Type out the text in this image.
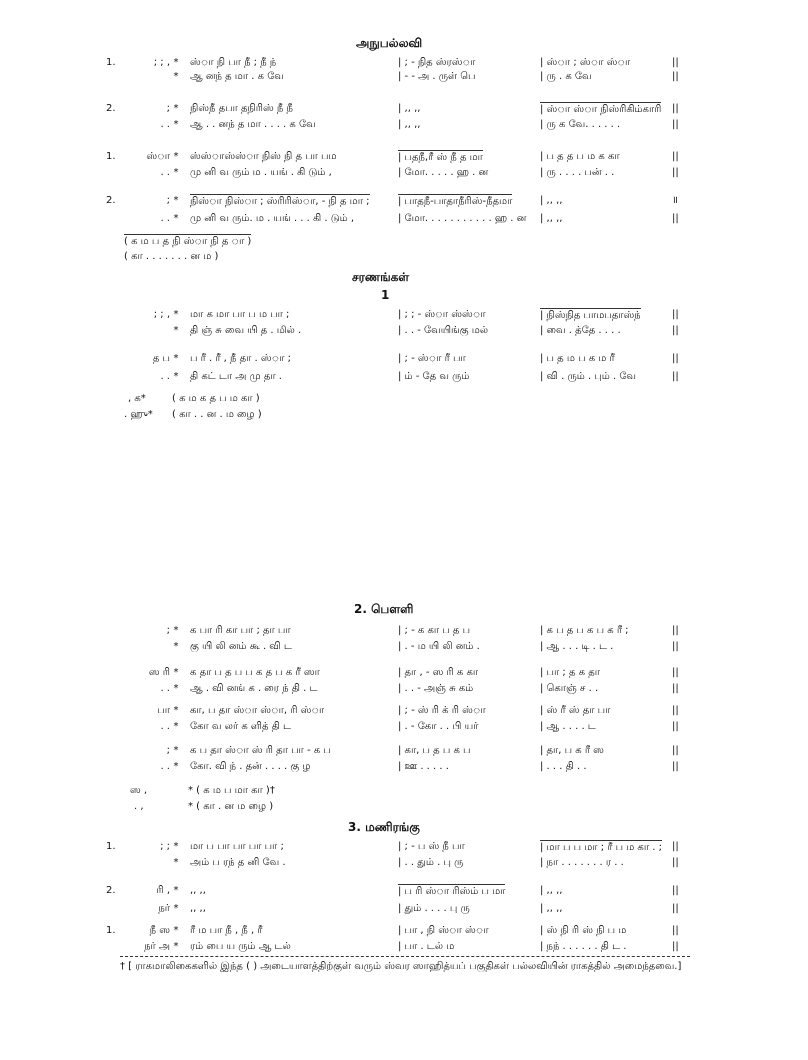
அநுபல்லவி
1.	; ; , * ஸ்ா நி பா நீ ; நீ ந்	| ; - நித ஸ்ரஸ்ா	| ஸ்ா ; ஸ்ா ஸ்ா	||
* ஆ னந் த மா . க வே	| - - அ . ருள் பெ	| ரு . க வே	||
2.	; * நிஸ்நீ தபா தநிரிஸ் நீ நீ	| ,, ,,	| ஸ்ா ஸ்ா நிஸ்ரிகிம்காரி ||
. . * ஆ . . னந் த மா . . . . க வே	| ,, ,,	| ரு க வே. . . . . .	||
1.	ஸ்ா * ஸ்ஸ்ாஸ்ஸ்ா நிஸ் நி த பா பம	| பதநீ,ரீ ஸ் நீ த மா	| ப த த ப ம க கா	||
. . * மு னி வ ரும் ம . யங் . கி டும் ,	| மோ. . . . . ஹ . ன	| ரு . . . . பன் . .	||
2.	; * நிஸ்ா நிஸ்ா ; ஸ்ரிரிஸ்ா, - நி த மா ;	| பாதநீ-பாதாநீரிஸ்-நீதமா	| ,, ,,	॥
. . * மு னி வ ரும். ம . யங் . . . கி . டும் ,	| மோ. . . . . . . . . . . ஹ . ன | ,, ,,	||
( க ம ப த நி ஸ்ா நி த ா )
( கா . . . . . . . ன ம )
சரணங்கள்
1
; ; , * மா க மா பா ப ம பா ;	| ; ; - ஸ்ா ஸ்ஸ்ா	| நிஸ்நித பாமபதாஸ்ந்	||
* தி ஞ் சு வை யி த . மில் .	| . . - வேயிங்கு மல்	| வை . த்தே . . . .	||
த ப * ப ரீ . ரீ , நீ தா . ஸ்ா ;	| ; - ஸ்ா ரீ பா	| ப த ம ப க ம ரீ	||
. . * தி கட் டா அ மு தா .	| ம் - தே வ ரும்	| வி . ரும் . பும் . வே	||
, க*	( க ம க த ப ம கா )
. ஹு* ( கா . . ன . ம ழை )
2. பௌளி
; * க பா ரி கா பா ; தா பா	| ; - க கா ப த ப	| க ப த ப க ப க ரீ ;	||
* கு யி லி னம் கூ . வி ட	| . - ம யி லி னம் .	| ஆ . . . டி . ட .	||
ஸ ரி * க தா ப த ப ப க த ப க ரீ ஸா	| தா , - ஸ ரி க கா	| பா ; த க தா	||
. . * ஆ . வி னங் க . ரை ந் தி . ட	| . . - அஞ் சு கம்	| கொஞ் ச . .	||
பா * கா, ப தா ஸ்ா ஸ்ா, ரி ஸ்ா	| ; - ஸ் ரி க் ரி ஸ்ா	| ஸ் ரீ ஸ் தா பா	||
. . * கோ வ லர் க ளித் தி ட	| . - கோ . . பி யர்	| ஆ . . . . ட	||
; * க ப தா ஸ்ா ஸ் ரி தா பா - க ப	| கா, ப த ப க ப	| தா, ப க ரீ ஸ	||
. . * கோ. வி ந் . தன் . . . . கு ழ	| ஊ . . . . .	| . . . தி . .	||
ஸ ,	* ( க ம ப மா கா )†
. ,	* ( கா . ன ம ழை )
3. மணிரங்கு
1.	; ; * மா ப பா பா பா பா ;	| ; - ப ஸ் நீ பா	| மா ப ப மா ; ரீ ப ம கா . ; ||
* அம் ப ரந் த னி வே .	| . . தும் . பு ரு	| நா . . . . . . . ர . .	||
2.	ரி , * ,, ,,	| ப ரி ஸ்ா ரிஸ்ம் ப மா	| ,, ,,	||
நர் * ,, ,,	| தும் . . . . பு ரு	| ,, ,,	||
1.	நீ ஸ * ரீ ம பா நீ , நீ , ரீ	| பா , நி ஸ்ா ஸ்ா	| ஸ் நி ரி ஸ் நி ப ம	||
நர் அ * ரம் பை ய ரும் ஆ டல்	| பா . டல் ம	| நந் . . . . . . தி ட .	||
† [ ராகமாலிகைகளில் இந்த ( ) அடையாளத்திற்குள் வரும் ஸ்வர ஸாஹித்யப் பகுதிகள் பல்லவியின் ராகத்தில் அமைந்தவை.]
